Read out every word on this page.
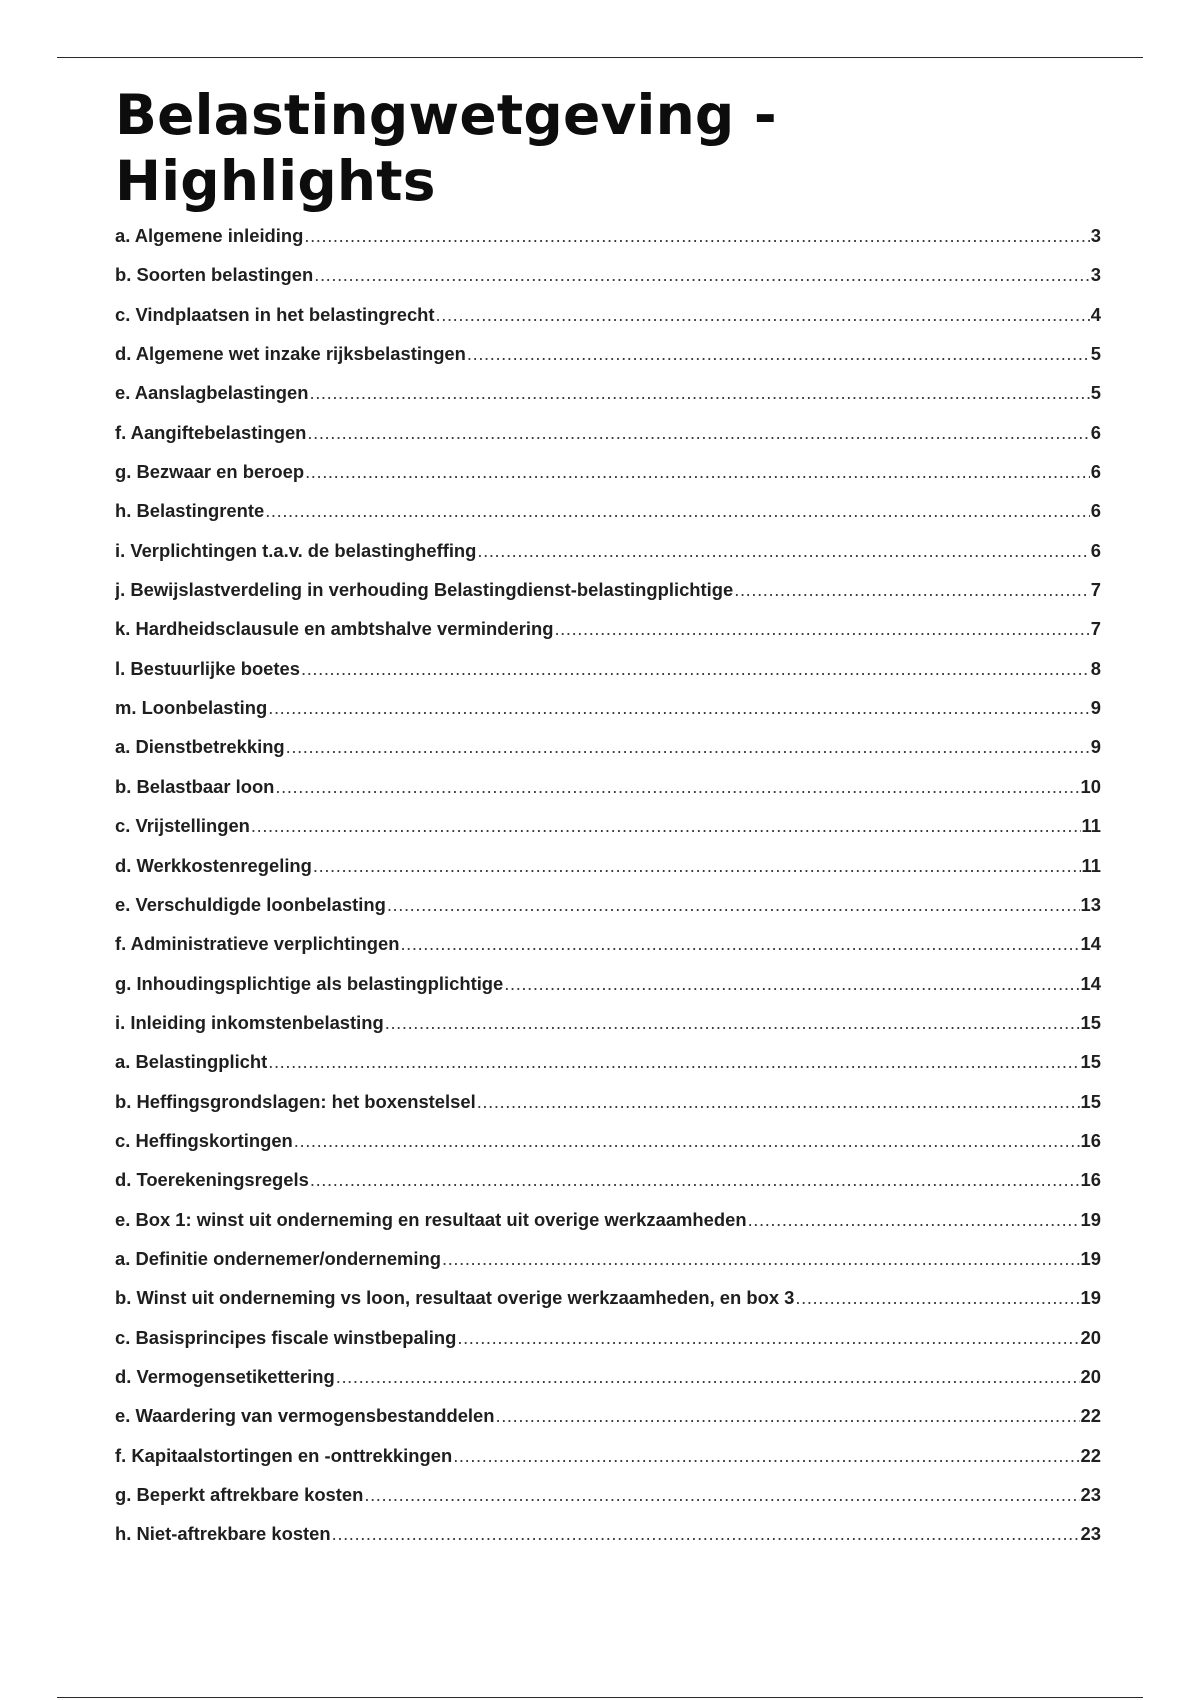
Belastingwetgeving -
Highlights
a. Algemene inleiding .....	3
b. Soorten belastingen .....	3
c. Vindplaatsen in het belastingrecht .....	4
d. Algemene wet inzake rijksbelastingen .....	5
e. Aanslagbelastingen .....	5
f. Aangiftebelastingen .....	6
g. Bezwaar en beroep .....	6
h. Belastingrente .....	6
i. Verplichtingen t.a.v. de belastingheffing .....	6
j. Bewijslastverdeling in verhouding Belastingdienst-belastingplichtige .....	7
k. Hardheidsclausule en ambtshalve vermindering .....	7
l. Bestuurlijke boetes .....	8
m. Loonbelasting .....	9
a. Dienstbetrekking .....	9
b. Belastbaar loon .....	10
c. Vrijstellingen .....	11
d. Werkkostenregeling .....	11
e. Verschuldigde loonbelasting .....	13
f. Administratieve verplichtingen .....	14
g. Inhoudingsplichtige als belastingplichtige .....	14
i. Inleiding inkomstenbelasting .....	15
a. Belastingplicht .....	15
b. Heffingsgrondslagen: het boxenstelsel .....	15
c. Heffingskortingen .....	16
d. Toerekeningsregels .....	16
e. Box 1: winst uit onderneming en resultaat uit overige werkzaamheden .....	19
a. Definitie ondernemer/onderneming .....	19
b. Winst uit onderneming vs loon, resultaat overige werkzaamheden, en box 3 .....	19
c. Basisprincipes fiscale winstbepaling .....	20
d. Vermogensetikettering .....	20
e. Waardering van vermogensbestanddelen .....	22
f. Kapitaalstortingen en -onttrekkingen .....	22
g. Beperkt aftrekbare kosten .....	23
h. Niet-aftrekbare kosten .....	23
